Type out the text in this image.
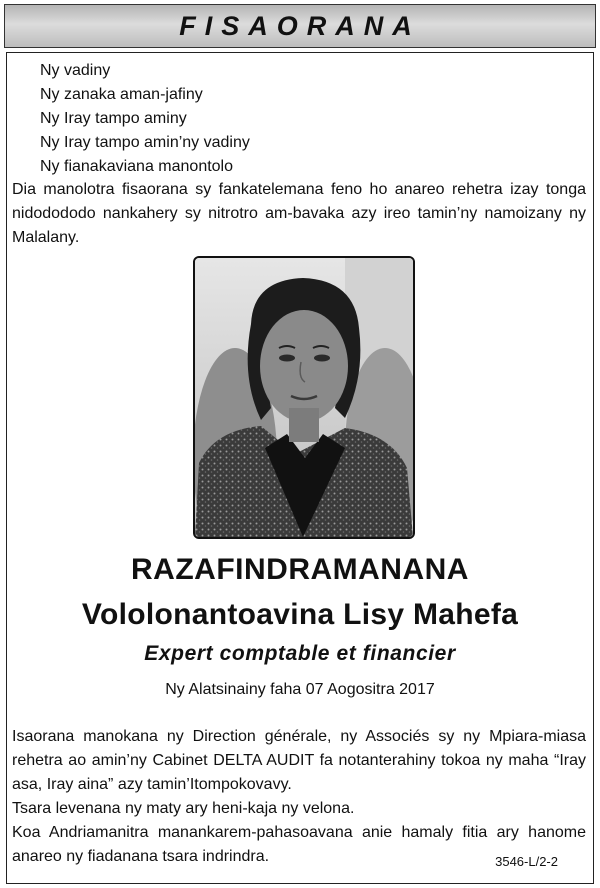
FISAORANA
Ny vadiny
Ny zanaka aman-jafiny
Ny Iray tampo aminy
Ny Iray tampo amin’ny vadiny
Ny fianakaviana manontolo

Dia manolotra fisaorana sy fankatelemana feno ho anareo rehetra izay tonga nidodododo nankahery sy nitrotro am-bavaka azy ireo tamin’ny namoizany ny Malalany.

RAZAFINDRAMANANA
Vololonantoavina Lisy Mahefa
Expert comptable et financier
Ny Alatsinainy faha 07 Aogositra 2017

Isaorana manokana ny Direction générale, ny Associés sy ny Mpiara-miasa rehetra ao amin’ny Cabinet DELTA AUDIT fa notanterahiny tokoa ny maha “Iray asa, Iray aina” azy tamin’Itompokovavy.

Tsara levenana ny maty ary heni-kaja ny velona.

Koa Andriamanitra manankarem-pahasoavana anie hamaly fitia ary hanome anareo ny fiadanana tsara indrindra.	3546-L/2-2
